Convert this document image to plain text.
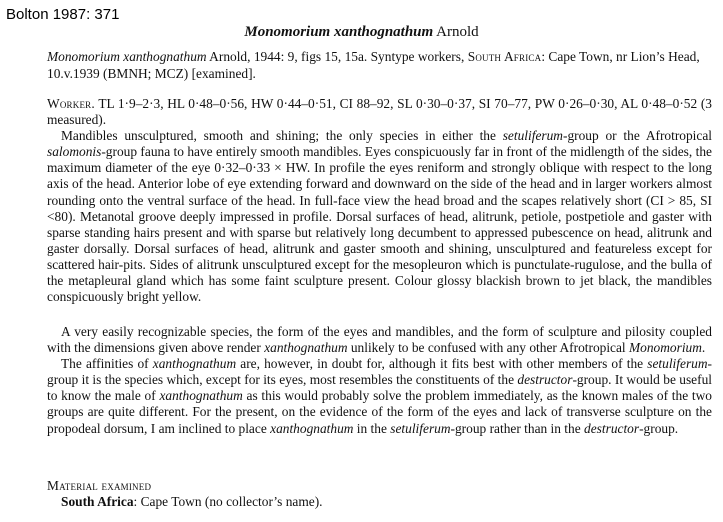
Bolton 1987: 371
Monomorium xanthognathum Arnold
Monomorium xanthognathum Arnold, 1944: 9, figs 15, 15a. Syntype workers, South Africa: Cape Town, nr Lion’s Head, 10.v.1939 (BMNH; MCZ) [examined].

Worker. TL 1·9–2·3, HL 0·48–0·56, HW 0·44–0·51, CI 88–92, SL 0·30–0·37, SI 70–77, PW 0·26–0·30, AL 0·48–0·52 (3 measured).

Mandibles unsculptured, smooth and shining; the only species in either the setuliferum-group or the Afrotropical salomonis-group fauna to have entirely smooth mandibles. Eyes conspicuously far in front of the midlength of the sides, the maximum diameter of the eye 0·32–0·33 × HW. In profile the eyes reniform and strongly oblique with respect to the long axis of the head. Anterior lobe of eye extending forward and downward on the side of the head and in larger workers almost rounding onto the ventral surface of the head. In full-face view the head broad and the scapes relatively short (CI > 85, SI <80). Metanotal groove deeply impressed in profile. Dorsal surfaces of head, alitrunk, petiole, postpetiole and gaster with sparse standing hairs present and with sparse but relatively long decumbent to appressed pubescence on head, alitrunk and gaster dorsally. Dorsal surfaces of head, alitrunk and gaster smooth and shining, unsculptured and featureless except for scattered hair-pits. Sides of alitrunk unsculptured except for the mesopleuron which is punctulate-rugulose, and the bulla of the metapleural gland which has some faint sculpture present. Colour glossy blackish brown to jet black, the mandibles conspicuously bright yellow.

A very easily recognizable species, the form of the eyes and mandibles, and the form of sculpture and pilosity coupled with the dimensions given above render xanthognathum unlikely to be confused with any other Afrotropical Monomorium.

The affinities of xanthognathum are, however, in doubt for, although it fits best with other members of the setuliferum-group it is the species which, except for its eyes, most resembles the constituents of the destructor-group. It would be useful to know the male of xanthognathum as this would probably solve the problem immediately, as the known males of the two groups are quite different. For the present, on the evidence of the form of the eyes and lack of transverse sculpture on the propodeal dorsum, I am inclined to place xanthognathum in the setuliferum-group rather than in the destructor-group.

Material examined
South Africa: Cape Town (no collector’s name).
